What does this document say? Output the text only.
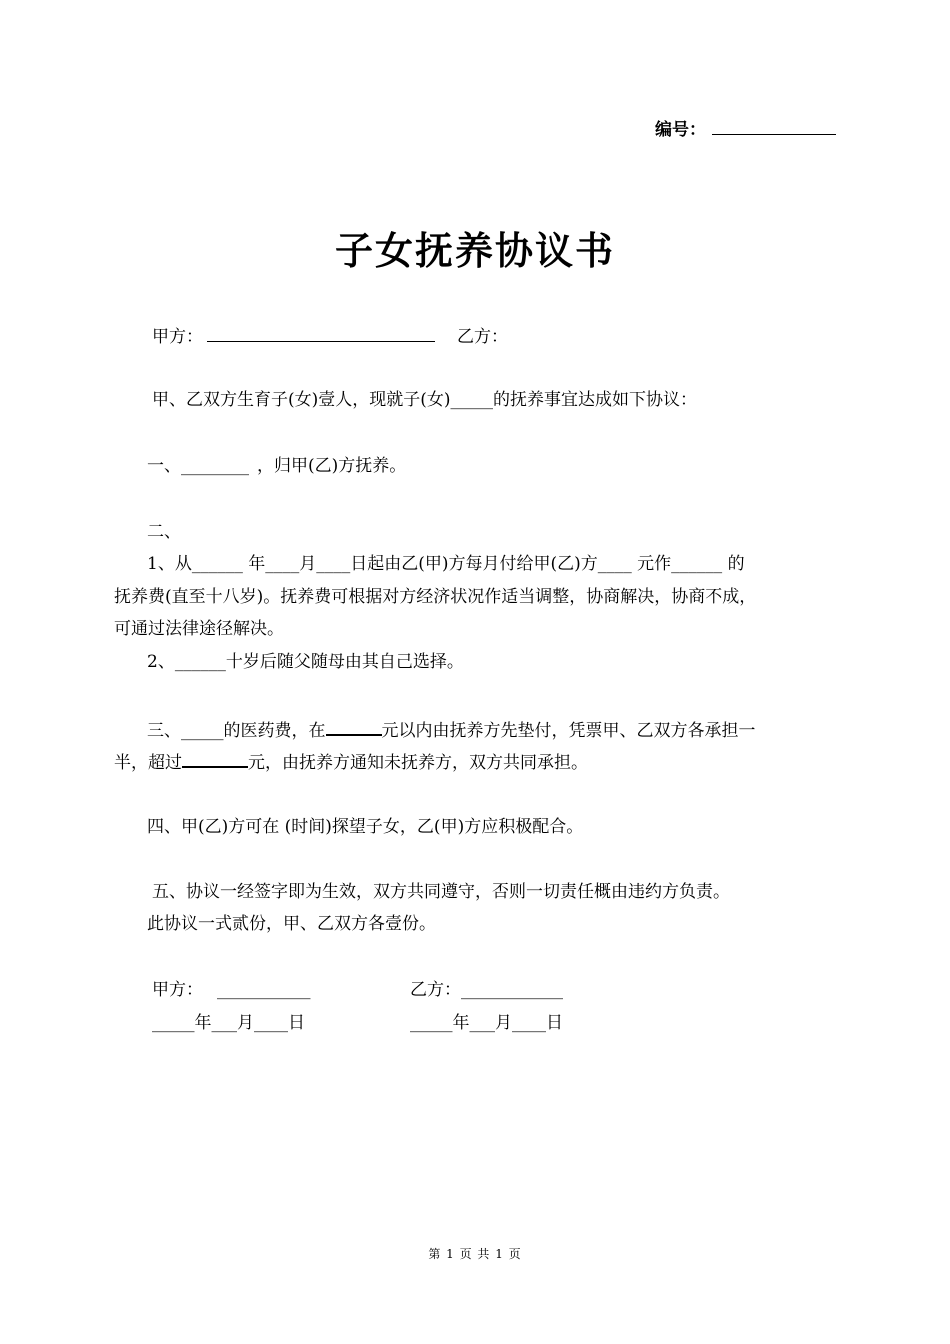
编号：
子女抚养协议书
甲方：	乙方：
甲、乙双方生育子(女)壹人，现就子(女)_____的抚养事宜达成如下协议：
一、________ ，归甲(乙)方抚养。
二、
1、从______ 年____月____日起由乙(甲)方每月付给甲(乙)方____ 元作______ 的
抚养费(直至十八岁)。抚养费可根据对方经济状况作适当调整，协商解决，协商不成，
可通过法律途径解决。
2、______十岁后随父随母由其自己选择。
三、_____的医药费，在	元以内由抚养方先垫付，凭票甲、乙双方各承担一
半，超过	元，由抚养方通知未抚养方，双方共同承担。
四、甲(乙)方可在 (时间)探望子女，乙(甲)方应积极配合。
五、协议一经签字即为生效，双方共同遵守，否则一切责任概由违约方负责。
此协议一式贰份，甲、乙双方各壹份。
甲方： ___________	乙方：____________
_____年___月____日	_____年___月____日
第 1 页 共 1 页
